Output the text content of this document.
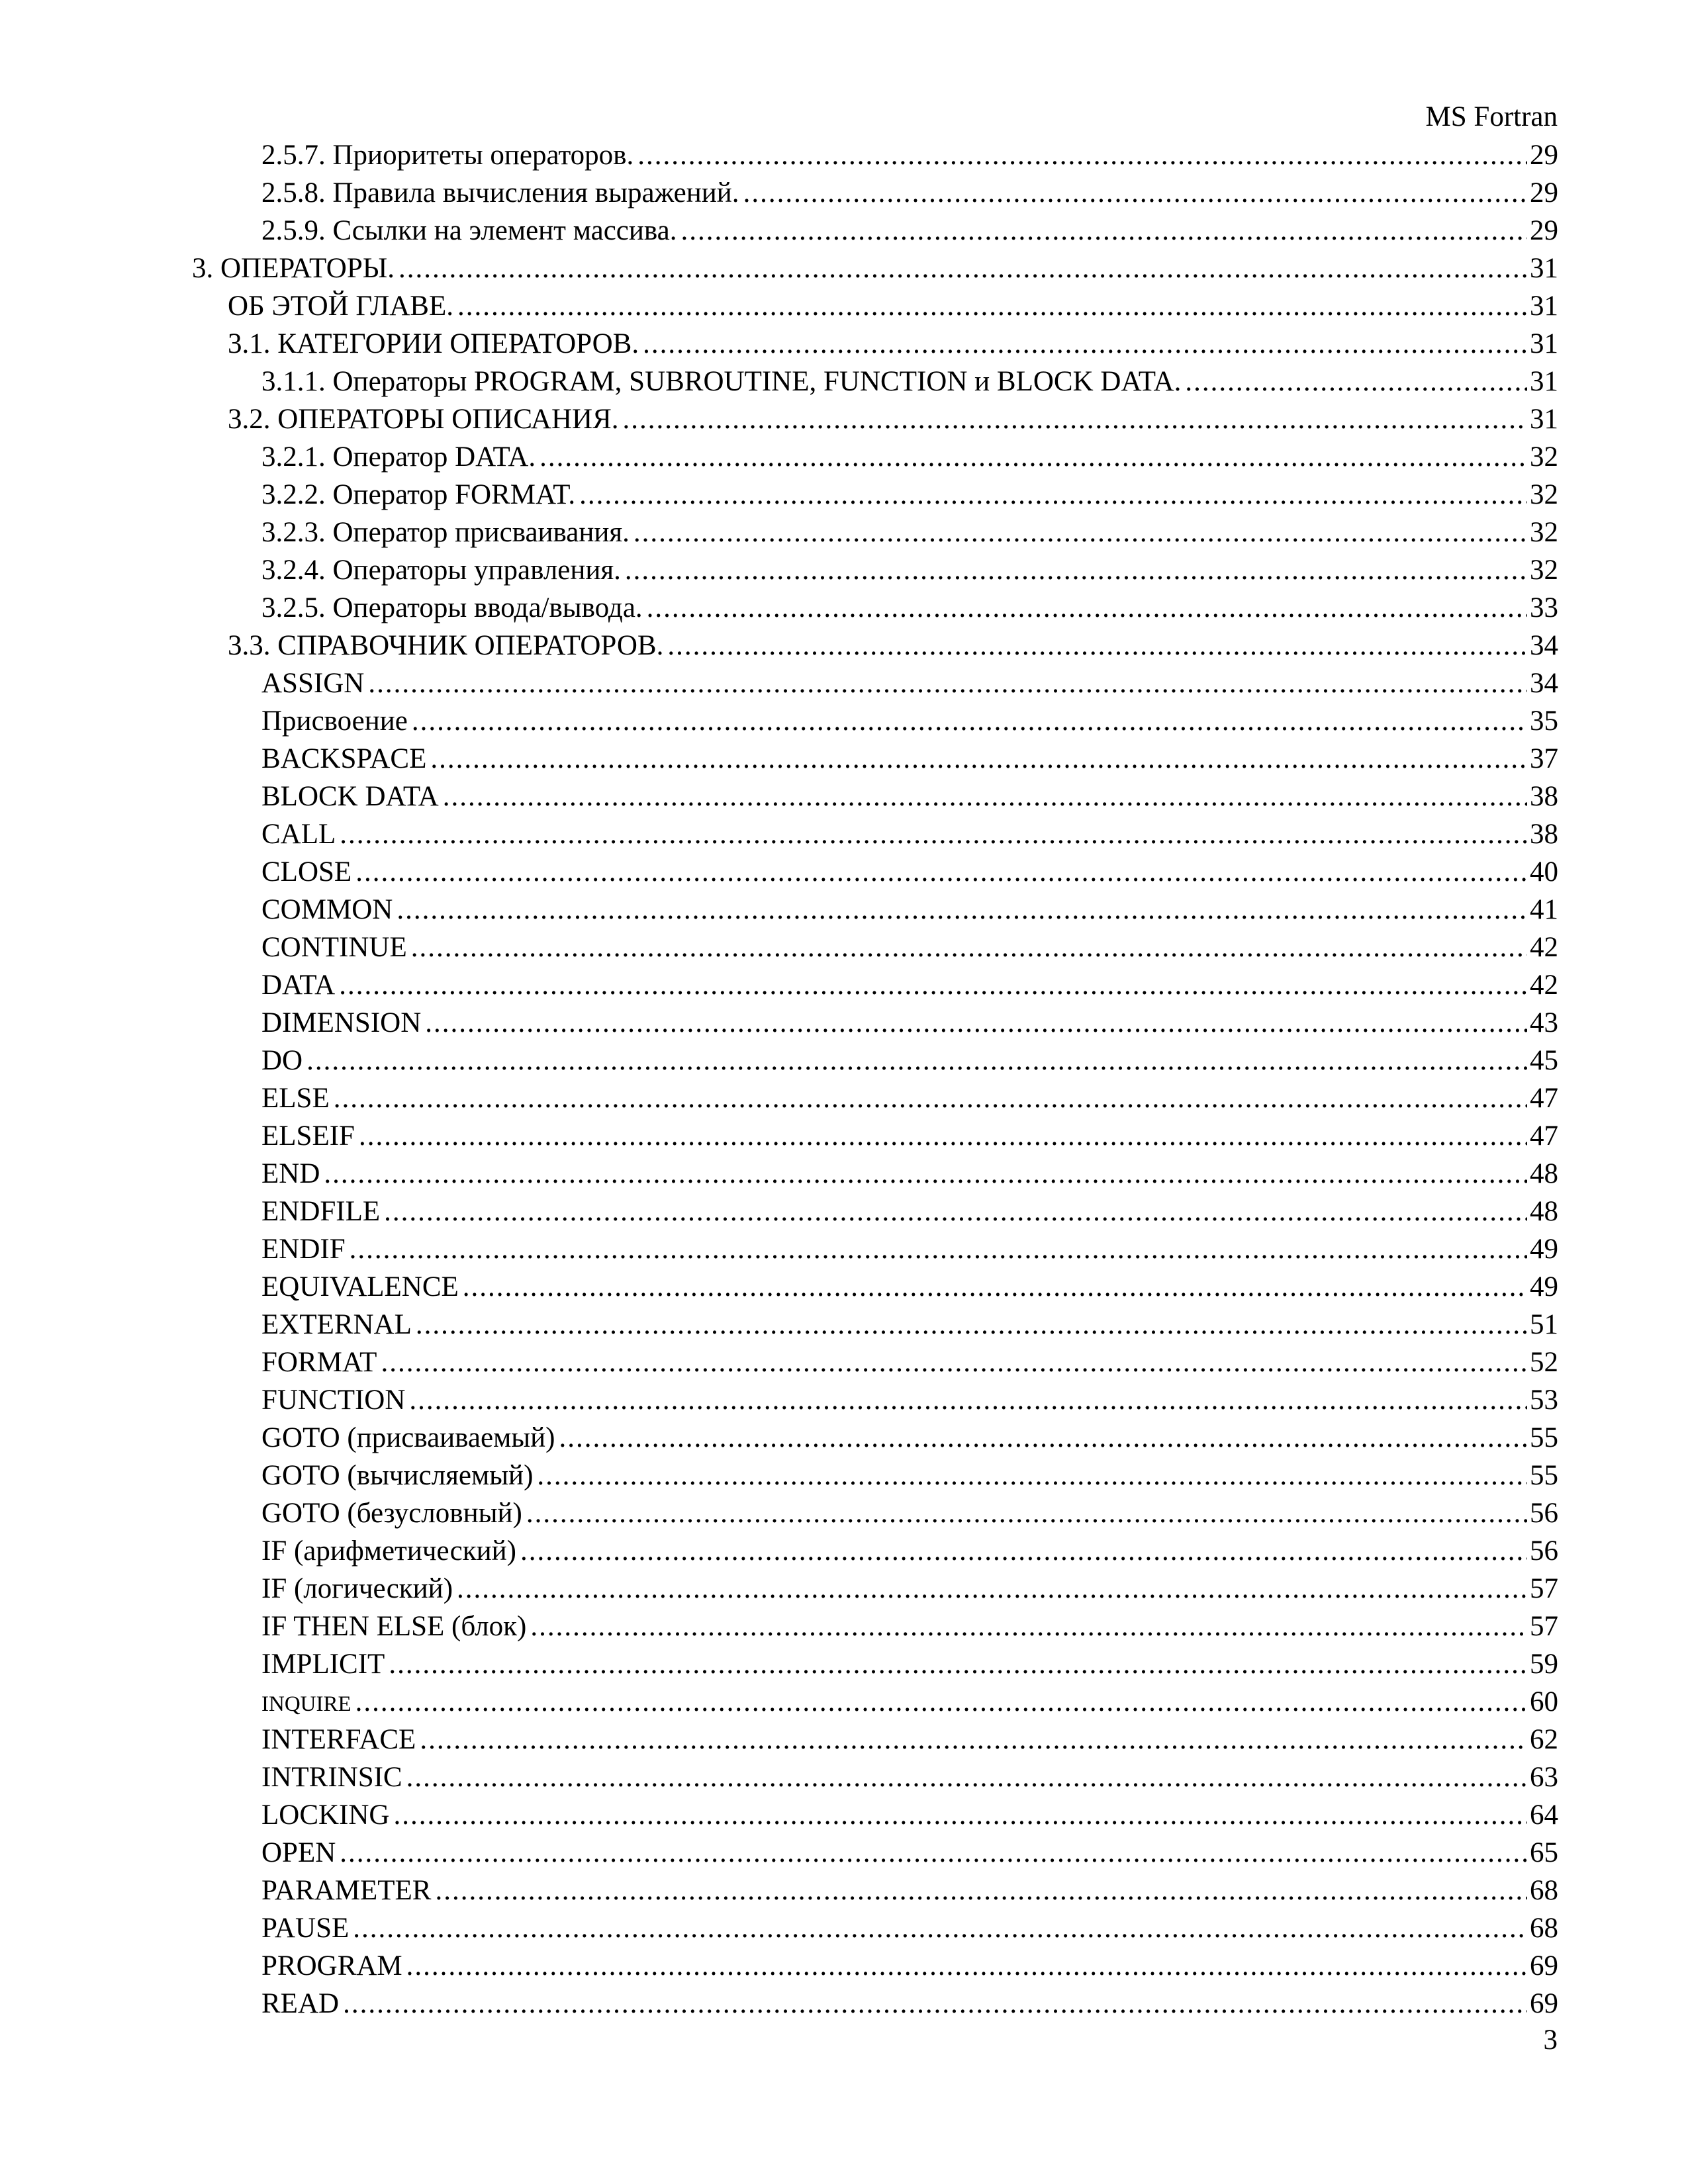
MS Fortran
2.5.7. Приоритеты операторов. .....	29
2.5.8. Правила вычисления выражений. .....	29
2.5.9. Ссылки на элемент массива. .....	29
3. ОПЕРАТОРЫ. .....	31
ОБ ЭТОЙ ГЛАВЕ. .....	31
3.1. КАТЕГОРИИ ОПЕРАТОРОВ. .....	31
3.1.1. Операторы PROGRAM, SUBROUTINE, FUNCTION и BLOCK DATA. .....	31
3.2. ОПЕРАТОРЫ ОПИСАНИЯ. .....	31
3.2.1. Оператор DATA. .....	32
3.2.2. Оператор FORMAT. .....	32
3.2.3. Оператор присваивания. .....	32
3.2.4. Операторы управления. .....	32
3.2.5. Операторы ввода/вывода. .....	33
3.3. СПРАВОЧНИК ОПЕРАТОРОВ. .....	34
ASSIGN .....	34
Присвоение .....	35
BACKSPACE .....	37
BLOCK DATA .....	38
CALL .....	38
CLOSE .....	40
COMMON .....	41
CONTINUE .....	42
DATA .....	42
DIMENSION .....	43
DO .....	45
ELSE .....	47
ELSEIF .....	47
END .....	48
ENDFILE .....	48
ENDIF .....	49
EQUIVALENCE .....	49
EXTERNAL .....	51
FORMAT .....	52
FUNCTION .....	53
GOTO (присваиваемый) .....	55
GOTO (вычисляемый) .....	55
GOTO (безусловный) .....	56
IF (арифметический) .....	56
IF (логический) .....	57
IF THEN ELSE (блок) .....	57
IMPLICIT .....	59
INQUIRE .....	60
INTERFACE .....	62
INTRINSIC .....	63
LOCKING .....	64
OPEN .....	65
PARAMETER .....	68
PAUSE .....	68
PROGRAM .....	69
READ .....	69
3
